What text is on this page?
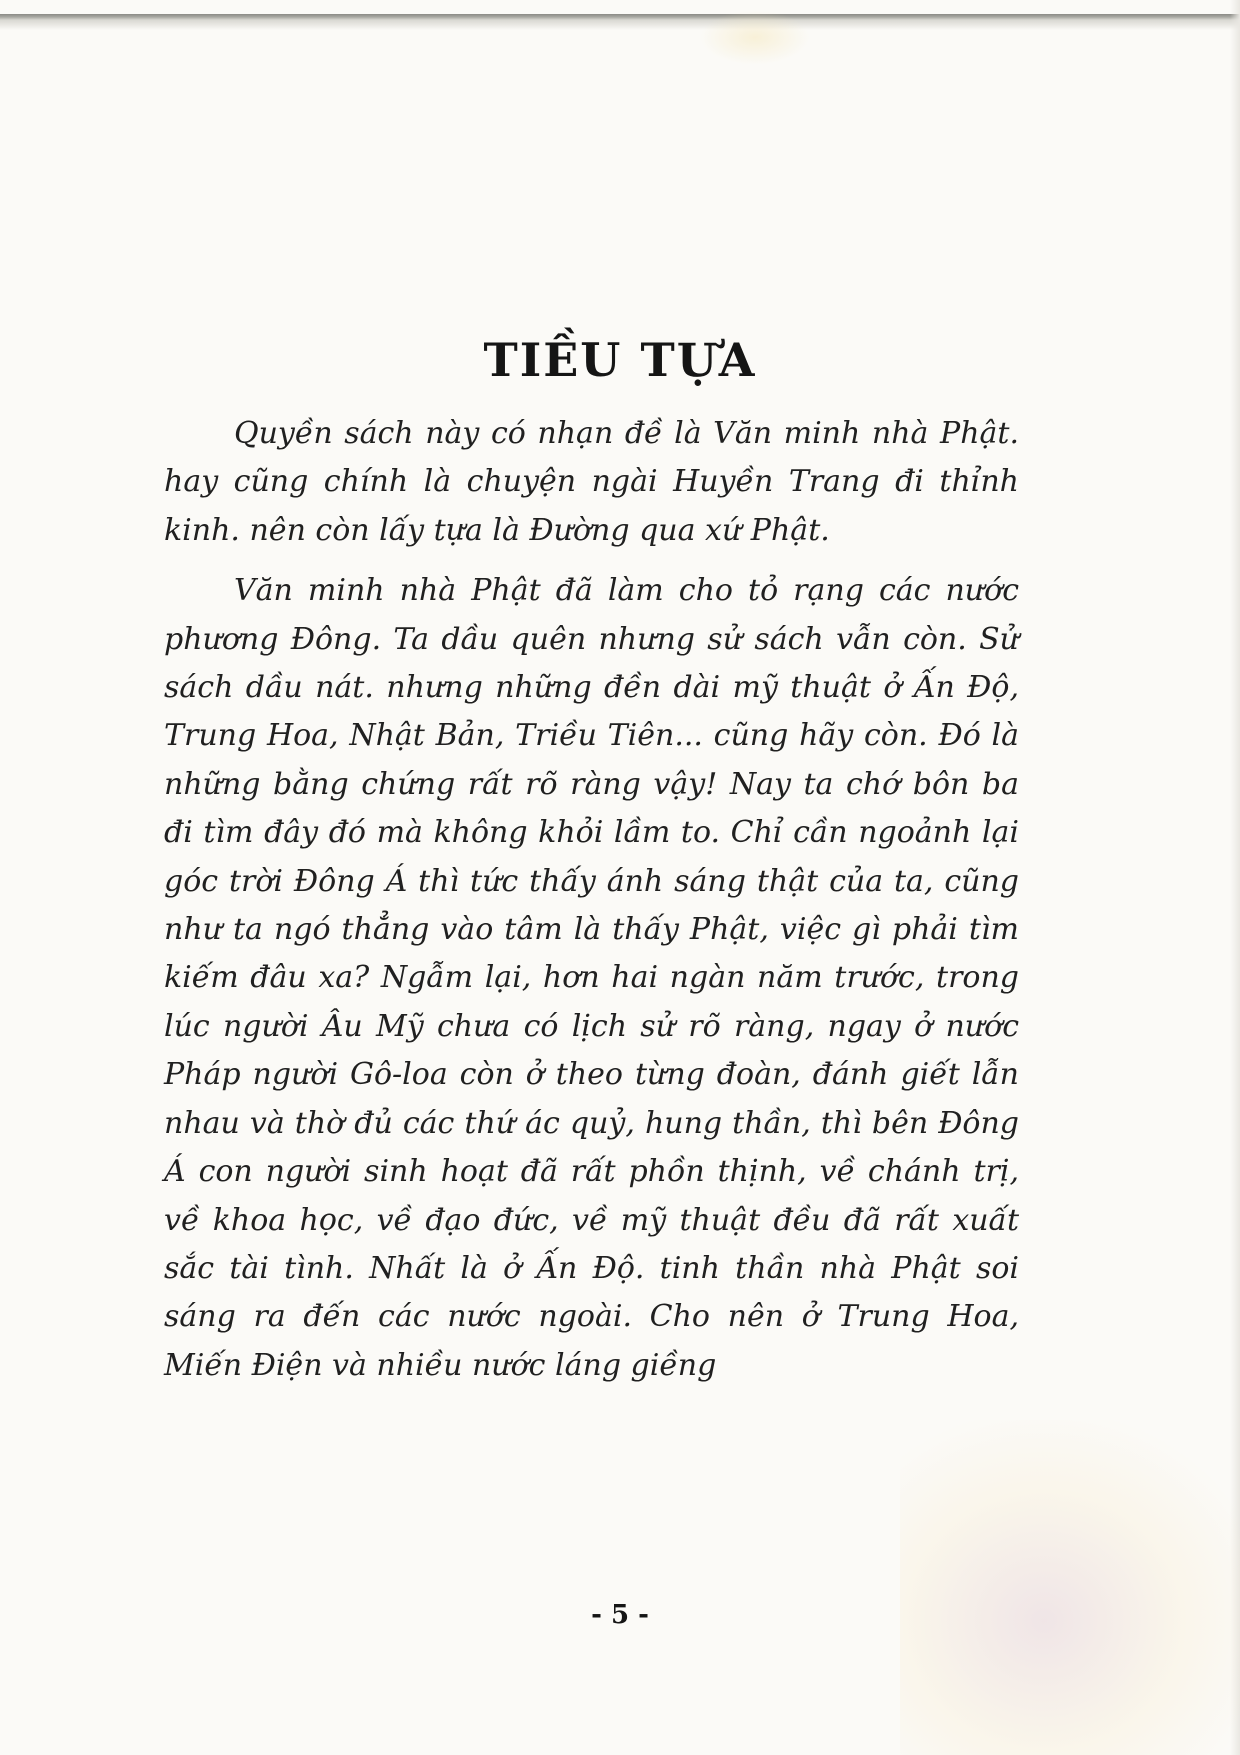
TIỀU TỰA

Quyền sách này có nhạn đề là Văn minh nhà Phật. hay cũng chính là chuyện ngài Huyền Trang đi thỉnh kinh. nên còn lấy tựa là Đường qua xứ Phật.

Văn minh nhà Phật đã làm cho tỏ rạng các nước phương Đông. Ta dầu quên nhưng sử sách vẫn còn. Sử sách dầu nát. nhưng những đền dài mỹ thuật ở Ấn Độ, Trung Hoa, Nhật Bản, Triều Tiên... cũng hãy còn. Đó là những bằng chứng rất rõ ràng vậy! Nay ta chớ bôn ba đi tìm đây đó mà không khỏi lầm to. Chỉ cần ngoảnh lại góc trời Đông Á thì tức thấy ánh sáng thật của ta, cũng như ta ngó thẳng vào tâm là thấy Phật, việc gì phải tìm kiếm đâu xa? Ngẫm lại, hơn hai ngàn năm trước, trong lúc người Âu Mỹ chưa có lịch sử rõ ràng, ngay ở nước Pháp người Gô-loa còn ở theo từng đoàn, đánh giết lẫn nhau và thờ đủ các thứ ác quỷ, hung thần, thì bên Đông Á con người sinh hoạt đã rất phồn thịnh, về chánh trị, về khoa học, về đạo đức, về mỹ thuật đều đã rất xuất sắc tài tình. Nhất là ở Ấn Độ. tinh thần nhà Phật soi sáng ra đến các nước ngoài. Cho nên ở Trung Hoa, Miến Điện và nhiều nước láng giềng

- 5 -
